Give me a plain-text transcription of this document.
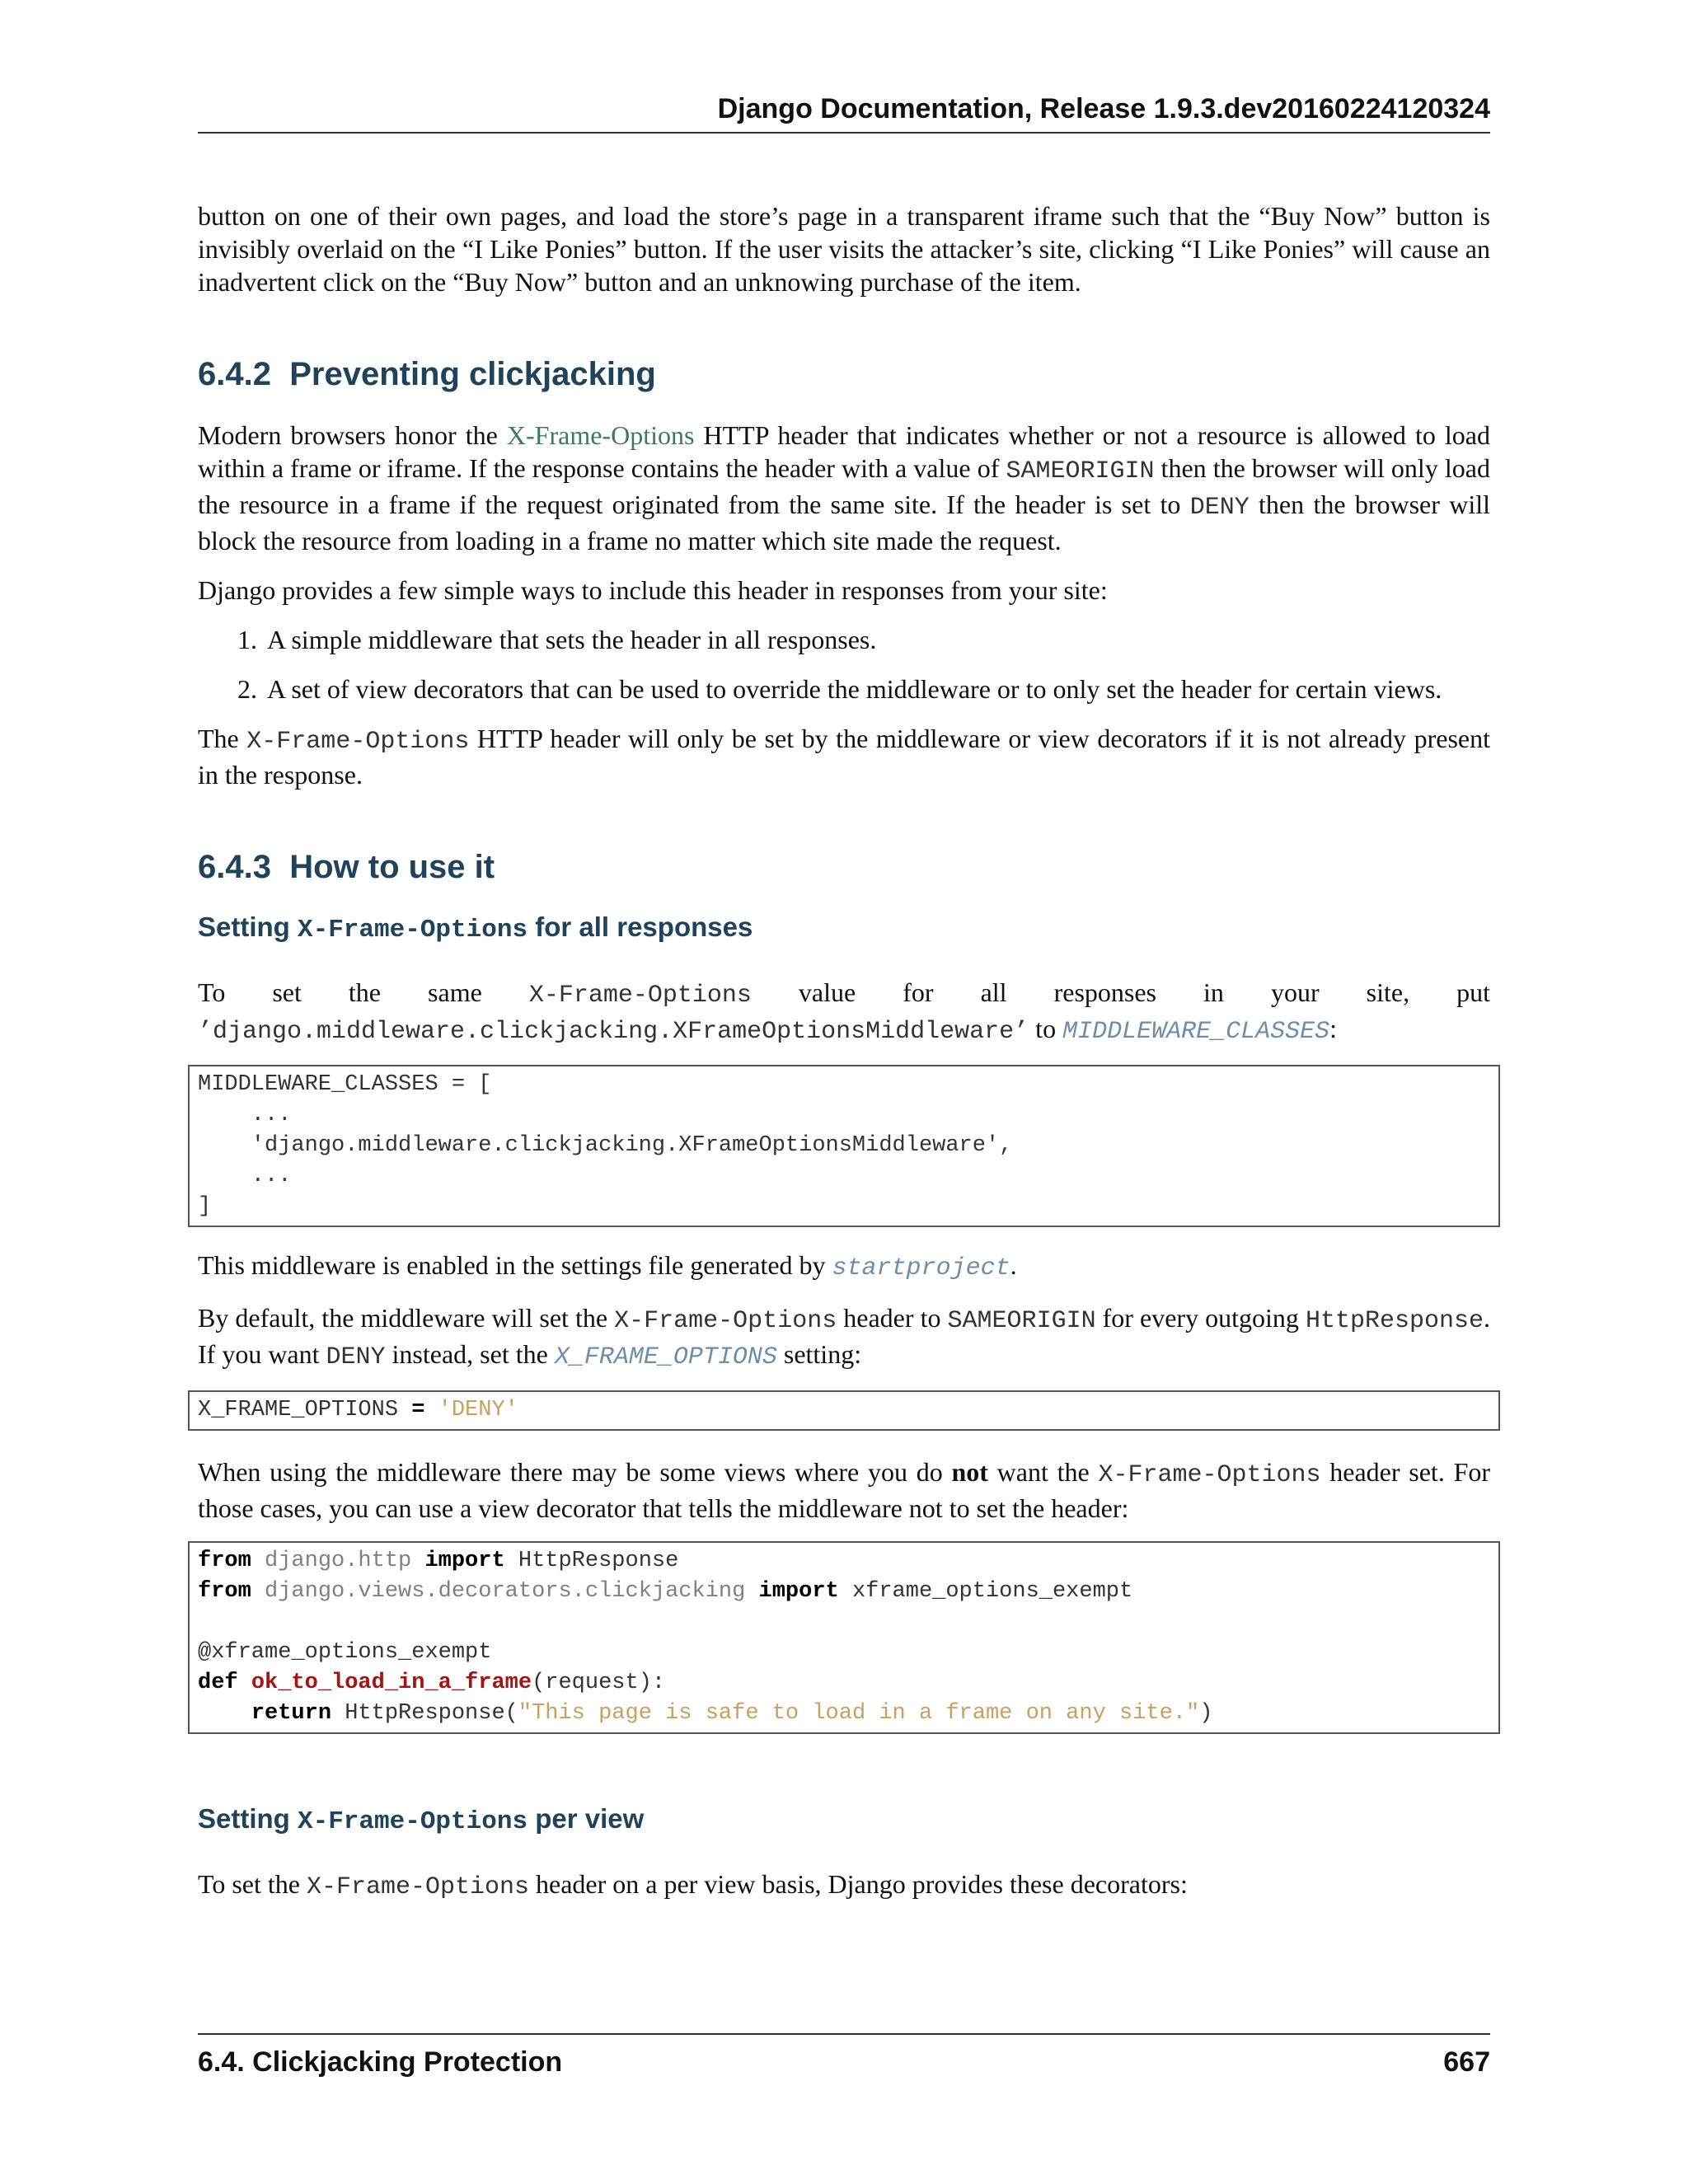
Django Documentation, Release 1.9.3.dev20160224120324

button on one of their own pages, and load the store’s page in a transparent iframe such that the “Buy Now” button is invisibly overlaid on the “I Like Ponies” button. If the user visits the attacker’s site, clicking “I Like Ponies” will cause an inadvertent click on the “Buy Now” button and an unknowing purchase of the item.

6.4.2 Preventing clickjacking

Modern browsers honor the X-Frame-Options HTTP header that indicates whether or not a resource is allowed to load within a frame or iframe. If the response contains the header with a value of SAMEORIGIN then the browser will only load the resource in a frame if the request originated from the same site. If the header is set to DENY then the browser will block the resource from loading in a frame no matter which site made the request.

Django provides a few simple ways to include this header in responses from your site:

1. A simple middleware that sets the header in all responses.
2. A set of view decorators that can be used to override the middleware or to only set the header for certain views.

The X-Frame-Options HTTP header will only be set by the middleware or view decorators if it is not already present in the response.

6.4.3 How to use it
Setting X-Frame-Options for all responses

To set the same X-Frame-Options value for all responses in your site, put ’django.middleware.clickjacking.XFrameOptionsMiddleware’ to MIDDLEWARE_CLASSES:

MIDDLEWARE_CLASSES = [
...
'django.middleware.clickjacking.XFrameOptionsMiddleware',
...
]

This middleware is enabled in the settings file generated by startproject.

By default, the middleware will set the X-Frame-Options header to SAMEORIGIN for every outgoing HttpResponse. If you want DENY instead, set the X_FRAME_OPTIONS setting:

X_FRAME_OPTIONS = 'DENY'

When using the middleware there may be some views where you do not want the X-Frame-Options header set. For those cases, you can use a view decorator that tells the middleware not to set the header:

from django.http import HttpResponse
from django.views.decorators.clickjacking import xframe_options_exempt

@xframe_options_exempt
def ok_to_load_in_a_frame(request):
return HttpResponse("This page is safe to load in a frame on any site.")
Setting X-Frame-Options per view

To set the X-Frame-Options header on a per view basis, Django provides these decorators:

6.4. Clickjacking Protection	667
